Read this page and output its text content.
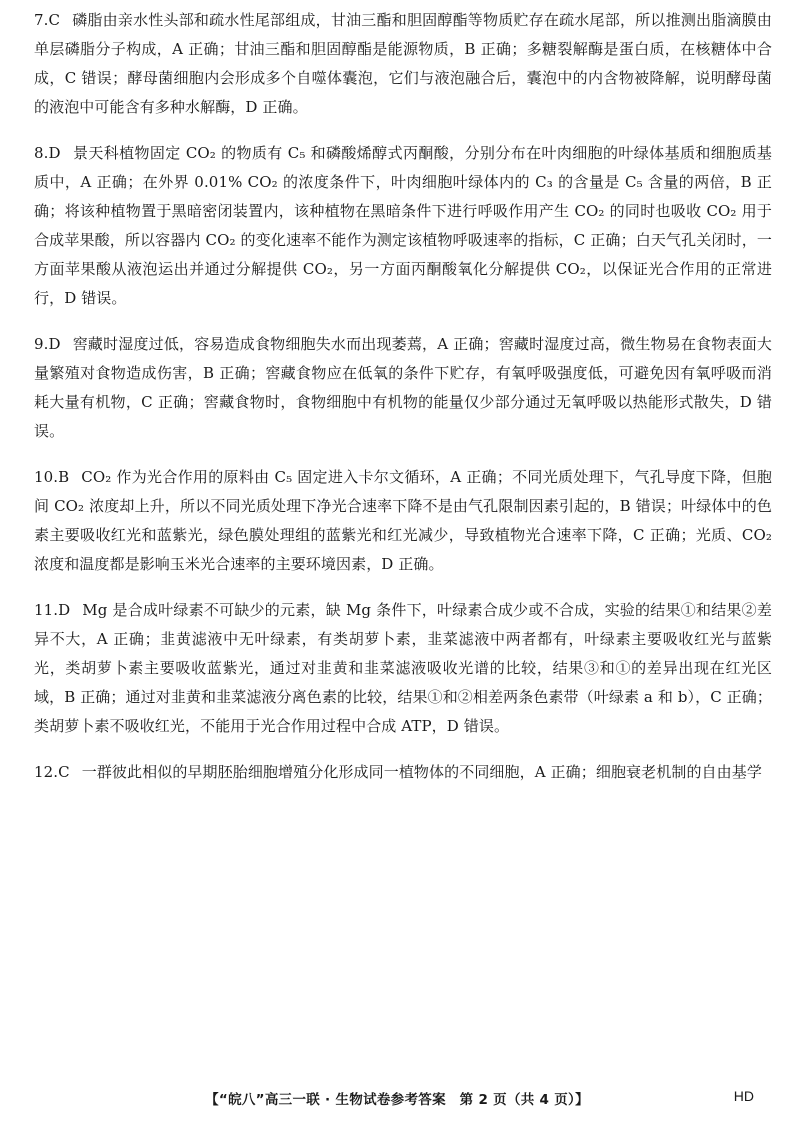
7.C 磷脂由亲水性头部和疏水性尾部组成，甘油三酯和胆固醇酯等物质贮存在疏水尾部，所以推测出脂滴膜由单层磷脂分子构成，A 正确；甘油三酯和胆固醇酯是能源物质，B 正确；多糖裂解酶是蛋白质，在核糖体中合成，C 错误；酵母菌细胞内会形成多个自噬体囊泡，它们与液泡融合后，囊泡中的内含物被降解，说明酵母菌的液泡中可能含有多种水解酶，D 正确。

8.D 景天科植物固定 CO₂ 的物质有 C₅ 和磷酸烯醇式丙酮酸，分别分布在叶肉细胞的叶绿体基质和细胞质基质中，A 正确；在外界 0.01% CO₂ 的浓度条件下，叶肉细胞叶绿体内的 C₃ 的含量是 C₅ 含量的两倍，B 正确；将该种植物置于黑暗密闭装置内，该种植物在黑暗条件下进行呼吸作用产生 CO₂ 的同时也吸收 CO₂ 用于合成苹果酸，所以容器内 CO₂ 的变化速率不能作为测定该植物呼吸速率的指标，C 正确；白天气孔关闭时，一方面苹果酸从液泡运出并通过分解提供 CO₂，另一方面丙酮酸氧化分解提供 CO₂，以保证光合作用的正常进行，D 错误。

9.D 窖藏时湿度过低，容易造成食物细胞失水而出现萎蔫，A 正确；窖藏时湿度过高，微生物易在食物表面大量繁殖对食物造成伤害，B 正确；窖藏食物应在低氧的条件下贮存，有氧呼吸强度低，可避免因有氧呼吸而消耗大量有机物，C 正确；窖藏食物时，食物细胞中有机物的能量仅少部分通过无氧呼吸以热能形式散失，D 错误。

10.B CO₂ 作为光合作用的原料由 C₅ 固定进入卡尔文循环，A 正确；不同光质处理下，气孔导度下降，但胞间 CO₂ 浓度却上升，所以不同光质处理下净光合速率下降不是由气孔限制因素引起的，B 错误；叶绿体中的色素主要吸收红光和蓝紫光，绿色膜处理组的蓝紫光和红光减少，导致植物光合速率下降，C 正确；光质、CO₂ 浓度和温度都是影响玉米光合速率的主要环境因素，D 正确。

11.D Mg 是合成叶绿素不可缺少的元素，缺 Mg 条件下，叶绿素合成少或不合成，实验的结果①和结果②差异不大，A 正确；韭黄滤液中无叶绿素，有类胡萝卜素，韭菜滤液中两者都有，叶绿素主要吸收红光与蓝紫光，类胡萝卜素主要吸收蓝紫光，通过对韭黄和韭菜滤液吸收光谱的比较，结果③和①的差异出现在红光区域，B 正确；通过对韭黄和韭菜滤液分离色素的比较，结果①和②相差两条色素带（叶绿素 a 和 b），C 正确；类胡萝卜素不吸收红光，不能用于光合作用过程中合成 ATP，D 错误。

12.C 一群彼此相似的早期胚胎细胞增殖分化形成同一植物体的不同细胞，A 正确；细胞衰老机制的自由基学

【“皖八”高三一联 · 生物试卷参考答案　第 2 页（共 4 页）】	HD
